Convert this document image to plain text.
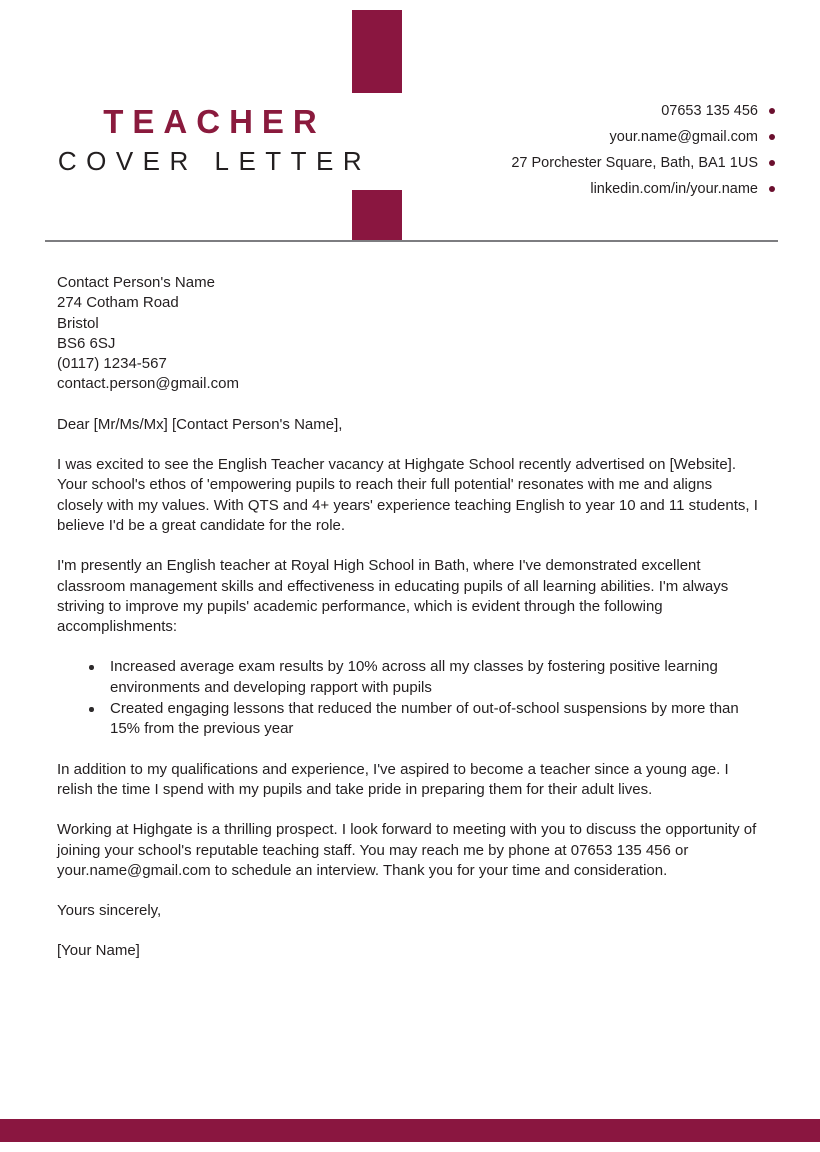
TEACHER
COVER LETTER
07653 135 456
your.name@gmail.com
27 Porchester Square, Bath, BA1 1US
linkedin.com/in/your.name
Contact Person's Name
274 Cotham Road
Bristol
BS6 6SJ
(0117) 1234-567
contact.person@gmail.com

Dear [Mr/Ms/Mx] [Contact Person's Name],

I was excited to see the English Teacher vacancy at Highgate School recently advertised on [Website]. Your school's ethos of 'empowering pupils to reach their full potential' resonates with me and aligns closely with my values. With QTS and 4+ years' experience teaching English to year 10 and 11 students, I believe I'd be a great candidate for the role.

I'm presently an English teacher at Royal High School in Bath, where I've demonstrated excellent classroom management skills and effectiveness in educating pupils of all learning abilities. I'm always striving to improve my pupils' academic performance, which is evident through the following accomplishments:

Increased average exam results by 10% across all my classes by fostering positive learning environments and developing rapport with pupils
Created engaging lessons that reduced the number of out-of-school suspensions by more than 15% from the previous year

In addition to my qualifications and experience, I've aspired to become a teacher since a young age. I relish the time I spend with my pupils and take pride in preparing them for their adult lives.

Working at Highgate is a thrilling prospect. I look forward to meeting with you to discuss the opportunity of joining your school's reputable teaching staff. You may reach me by phone at 07653 135 456 or your.name@gmail.com to schedule an interview. Thank you for your time and consideration.

Yours sincerely,

[Your Name]
